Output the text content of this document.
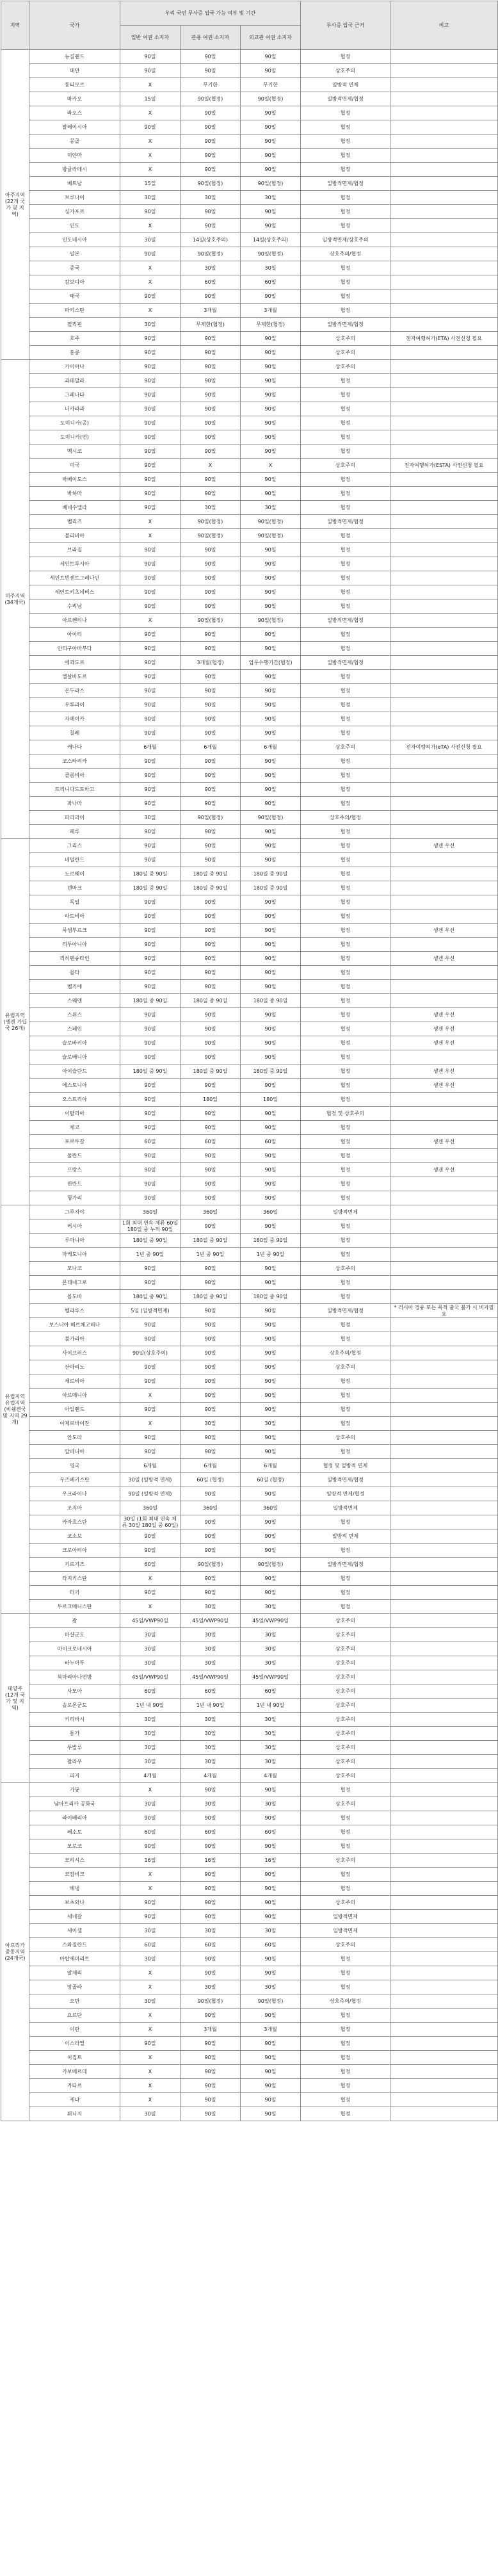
지역	국가	우리 국민 무사증 입국 가능 여부 및 기간			무사증 입국 근거	비고
		일반 여권 소지자	관용 여권 소지자	외교관 여권 소지자		
아주지역 (22개 국가 및 지역)	뉴질랜드	90일	90일	90일	협정	
	대만	90일	90일	90일	상호주의	
	동티모르	X	무기한	무기한	일방적 면제	
	마카오	15일	90일(협정)	90일(협정)	일방적면제/협정	
	라오스	X	90일	90일	협정	
	말레이시아	90일	90일	90일	협정	
	몽골	X	90일	90일	협정	
	미얀마	X	90일	90일	협정	
	방글라데시	X	90일	90일	협정	
	베트남	15일	90일(협정)	90일(협정)	일방적면제/협정	
	브루나이	30일	30일	30일	협정	
	싱가포르	90일	90일	90일	협정	
	인도	X	90일	90일	협정	
	인도네시아	30일	14일(상호주의)	14일(상호주의)	일방적면제/상호주의	
	일본	90일	90일(협정)	90일(협정)	상호주의/협정	
	중국	X	30일	30일	협정	
	캄보디아	X	60일	60일	협정	
	태국	90일	90일	90일	협정	
	파키스탄	X	3개월	3개월	협정	
	필리핀	30일	무제한(협정)	무제한(협정)	일방적면제/협정	
	호주	90일	90일	90일	상호주의	전자여행허가(ETA) 사전신청 필요
	홍콩	90일	90일	90일	상호주의	
미주지역 (34개국)	가이아나	90일	90일	90일	상호주의	
	과테말라	90일	90일	90일	협정	
	그레나다	90일	90일	90일	협정	
	니카라과	90일	90일	90일	협정	
	도미니카(공)	90일	90일	90일	협정	
	도미니카(연)	90일	90일	90일	협정	
	멕시코	90일	90일	90일	협정	
	미국	90일	X	X	상호주의	전자여행허가(ESTA) 사전신청 필요
	바베이도스	90일	90일	90일	협정	
	바하마	90일	90일	90일	협정	
	베네수엘라	90일	30일	30일	협정	
	벨리즈	X	90일(협정)	90일(협정)	일방적면제/협정	
	볼리비아	X	90일(협정)	90일(협정)	협정	
	브라질	90일	90일	90일	협정	
	세인트루시아	90일	90일	90일	협정	
	세인트빈센트그레나딘	90일	90일	90일	협정	
	세인트키츠네비스	90일	90일	90일	협정	
	수리남	90일	90일	90일	협정	
	아르헨티나	X	90일(협정)	90일(협정)	일방적면제/협정	
	아이티	90일	90일	90일	협정	
	안티구아바부다	90일	90일	90일	협정	
	에콰도르	90일	3개월(협정)	업무수행기간(협정)	일방적면제/협정	
	엘살바도르	90일	90일	90일	협정	
	온두라스	90일	90일	90일	협정	
	우루과이	90일	90일	90일	협정	
	자메이카	90일	90일	90일	협정	
	칠레	90일	90일	90일	협정	
	캐나다	6개월	6개월	6개월	상호주의	전자여행허가(eTA) 사전신청 필요
	코스타리카	90일	90일	90일	협정	
	콜롬비아	90일	90일	90일	협정	
	트리니다드토바고	90일	90일	90일	협정	
	파나마	90일	90일	90일	협정	
	파라과이	30일	90일(협정)	90일(협정)	상호주의/협정	
	페루	90일	90일	90일	협정	
유럽지역 (솅겐 가입국 26개)	그리스	90일	90일	90일	협정	솅겐 우선
	네덜란드	90일	90일	90일	협정	
	노르웨이	180일 중 90일	180일 중 90일	180일 중 90일	협정	
	덴마크	180일 중 90일	180일 중 90일	180일 중 90일	협정	
	독일	90일	90일	90일	협정	
	라트비아	90일	90일	90일	협정	
	룩셈부르크	90일	90일	90일	협정	솅겐 우선
	리투아니아	90일	90일	90일	협정	
	리히텐슈타인	90일	90일	90일	협정	솅겐 우선
	몰타	90일	90일	90일	협정	
	벨기에	90일	90일	90일	협정	
	스웨덴	180일 중 90일	180일 중 90일	180일 중 90일	협정	
	스위스	90일	90일	90일	협정	솅겐 우선
	스페인	90일	90일	90일	협정	솅겐 우선
	슬로바키아	90일	90일	90일	협정	솅겐 우선
	슬로베니아	90일	90일	90일	협정	
	아이슬란드	180일 중 90일	180일 중 90일	180일 중 90일	협정	솅겐 우선
	에스토니아	90일	90일	90일	협정	솅겐 우선
	오스트리아	90일	180일	180일	협정	
	이탈리아	90일	90일	90일	협정 및 상호주의	
	체코	90일	90일	90일	협정	
	포르투갈	60일	60일	60일	협정	솅겐 우선
	폴란드	90일	90일	90일	협정	
	프랑스	90일	90일	90일	협정	솅겐 우선
	핀란드	90일	90일	90일	협정	
	헝가리	90일	90일	90일	협정	
유럽지역 유럽지역 (비쉥겐국 및 지역 29개)	그루지야	360일	360일	360일	일방적면제	
	러시아	1회 최대 연속 체류 60일 180일 중 누적 90일	90일	90일	협정	
	루마니아	180일 중 90일	180일 중 90일	180일 중 90일	협정	
	마케도니아	1년 중 90일	1년 중 90일	1년 중 90일	협정	
	모나코	90일	90일	90일	상호주의	
	몬테네그로	90일	90일	90일	협정	
	몰도바	180일 중 90일	180일 중 90일	180일 중 90일	협정	
	벨라루스	5일 (일방적면제)	90일	90일	일방적면제/협정	* 러시아 경유 또는 목적 출국 불가 시 비자필요
	보스니아 헤르체고비나	90일	90일	90일	협정	
	불가리아	90일	90일	90일	협정	
	사이프러스	90일(상호주의)	90일	90일	상호주의/협정	
	산마리노	90일	90일	90일	상호주의	
	세르비아	90일	90일	90일	협정	
	아르메니아	X	90일	90일	협정	
	아일랜드	90일	90일	90일	협정	
	아제르바이잔	X	30일	30일	협정	
	안도라	90일	90일	90일	상호주의	
	알바니아	90일	90일	90일	협정	
	영국	6개월	6개월	6개월	협정 및 일방적 면제	
	우즈베키스탄	30일 (일방적 면제)	60일 (협정)	60일 (협정)	일방적면제/협정	
	우크라이나	90일 (일방적 면제)	90일	90일	일방적 면제/협정	
	조지아	360일	360일	360일	일방적면제	
	카자흐스탄	30일 (1회 최대 연속 체류 30일 180일 중 60일)	90일	90일	협정	
	코소보	90일	90일	90일	일방적 면제	
	크로아티아	90일	90일	90일	협정	
	키르기즈	60일	90일(협정)	90일(협정)	일방적면제/협정	
	타지키스탄	X	90일	90일	협정	
	터키	90일	90일	90일	협정	
	투르크메니스탄	X	30일	30일	협정	
대양주 (12개 국가 및 지역)	괌	45일/VWP90일	45일/VWP90일	45일/VWP90일	상호주의	
	마샬군도	30일	30일	30일	상호주의	
	마이크로네시아	30일	30일	30일	상호주의	
	바누아투	30일	30일	30일	상호주의	
	북마리아나연방	45일/VWP90일	45일/VWP90일	45일/VWP90일	상호주의	
	사모아	60일	60일	60일	상호주의	
	솔로몬군도	1년 내 90일	1년 내 90일	1년 내 90일	상호주의	
	키리바시	30일	30일	30일	상호주의	
	통가	30일	30일	30일	상호주의	
	투발루	30일	30일	30일	상호주의	
	팔라우	30일	30일	30일	상호주의	
	피지	4개월	4개월	4개월	상호주의	
아프리카 중동지역 (24개국)	가봉	X	90일	90일	협정	
	남아프리카 공화국	30일	30일	30일	상호주의	
	라이베리아	90일	90일	90일	협정	
	레소토	60일	60일	60일	협정	
	모로코	90일	90일	90일	협정	
	모리셔스	16일	16일	16일	상호주의	
	모잠비크	X	90일	90일	협정	
	베냉	X	90일	90일	협정	
	보츠와나	90일	90일	90일	상호주의	
	세네갈	90일	90일	90일	일방적면제	
	세이셸	30일	30일	30일	일방적면제	
	스와질란드	60일	60일	60일	상호주의	
	아랍에미리트	30일	90일	90일	협정	
	알제리	X	90일	90일	협정	
	앙골라	X	30일	30일	협정	
	오만	30일	90일(협정)	90일(협정)	상호주의/협정	
	요르단	X	90일	90일	협정	
	이란	X	3개월	3개월	협정	
	이스라엘	90일	90일	90일	협정	
	이집트	X	90일	90일	협정	
	카보베르데	X	90일	90일	협정	
	카타르	X	90일	90일	협정	
	케냐	X	90일	90일	협정	
	튀니지	30일	90일	90일	협정	
